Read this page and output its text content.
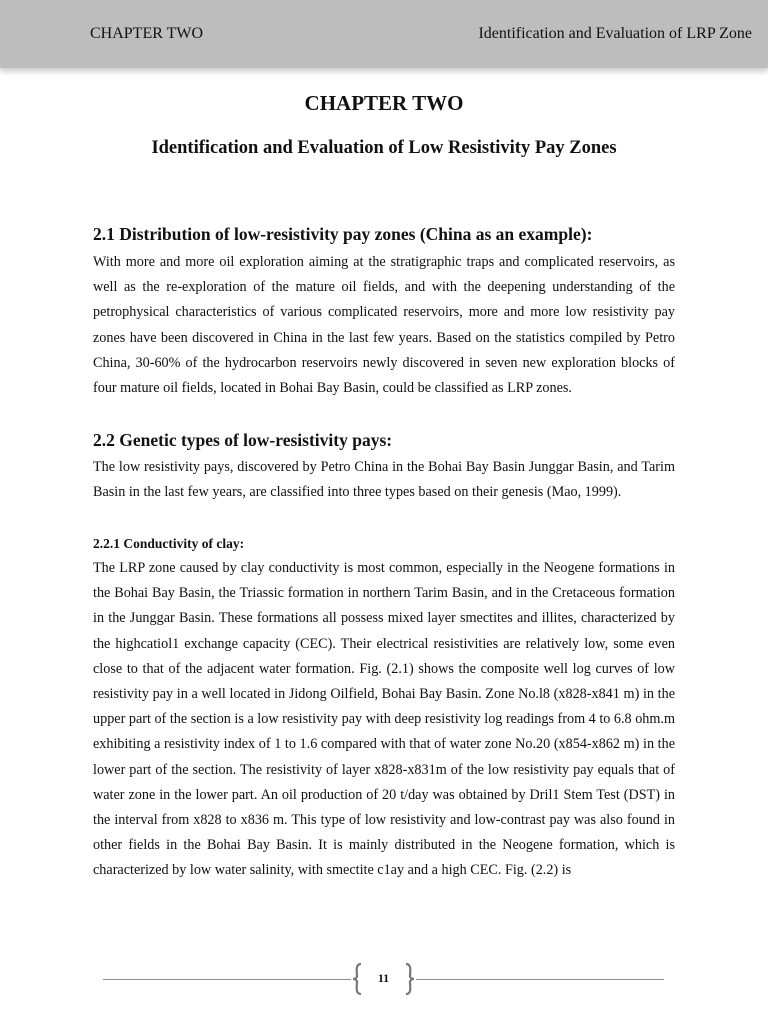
CHAPTER TWO	Identification and Evaluation of LRP Zone
CHAPTER TWO
Identification and Evaluation of Low Resistivity Pay Zones
2.1 Distribution of low-resistivity pay zones (China as an example):

With more and more oil exploration aiming at the stratigraphic traps and complicated reservoirs, as well as the re-exploration of the mature oil fields, and with the deepening understanding of the petrophysical characteristics of various complicated reservoirs, more and more low resistivity pay zones have been discovered in China in the last few years. Based on the statistics compiled by Petro China, 30-60% of the hydrocarbon reservoirs newly discovered in seven new exploration blocks of four mature oil fields, located in Bohai Bay Basin, could be classified as LRP zones.

2.2 Genetic types of low-resistivity pays:

The low resistivity pays, discovered by Petro China in the Bohai Bay Basin Junggar Basin, and Tarim Basin in the last few years, are classified into three types based on their genesis (Mao, 1999).

2.2.1 Conductivity of clay:

The LRP zone caused by clay conductivity is most common, especially in the Neogene formations in the Bohai Bay Basin, the Triassic formation in northern Tarim Basin, and in the Cretaceous formation in the Junggar Basin. These formations all possess mixed layer smectites and illites, characterized by the highcatiol1 exchange capacity (CEC). Their electrical resistivities are relatively low, some even close to that of the adjacent water formation. Fig. (2.1) shows the composite well log curves of low resistivity pay in a well located in Jidong Oilfield, Bohai Bay Basin. Zone No.l8 (x828-x841 m) in the upper part of the section is a low resistivity pay with deep resistivity log readings from 4 to 6.8 ohm.m exhibiting a resistivity index of 1 to 1.6 compared with that of water zone No.20 (x854-x862 m) in the lower part of the section. The resistivity of layer x828-x831m of the low resistivity pay equals that of water zone in the lower part. An oil production of 20 t/day was obtained by Dril1 Stem Test (DST) in the interval from x828 to x836 m. This type of low resistivity and low-contrast pay was also found in other fields in the Bohai Bay Basin. It is mainly distributed in the Neogene formation, which is characterized by low water salinity, with smectite c1ay and a high CEC. Fig. (2.2) is

11
